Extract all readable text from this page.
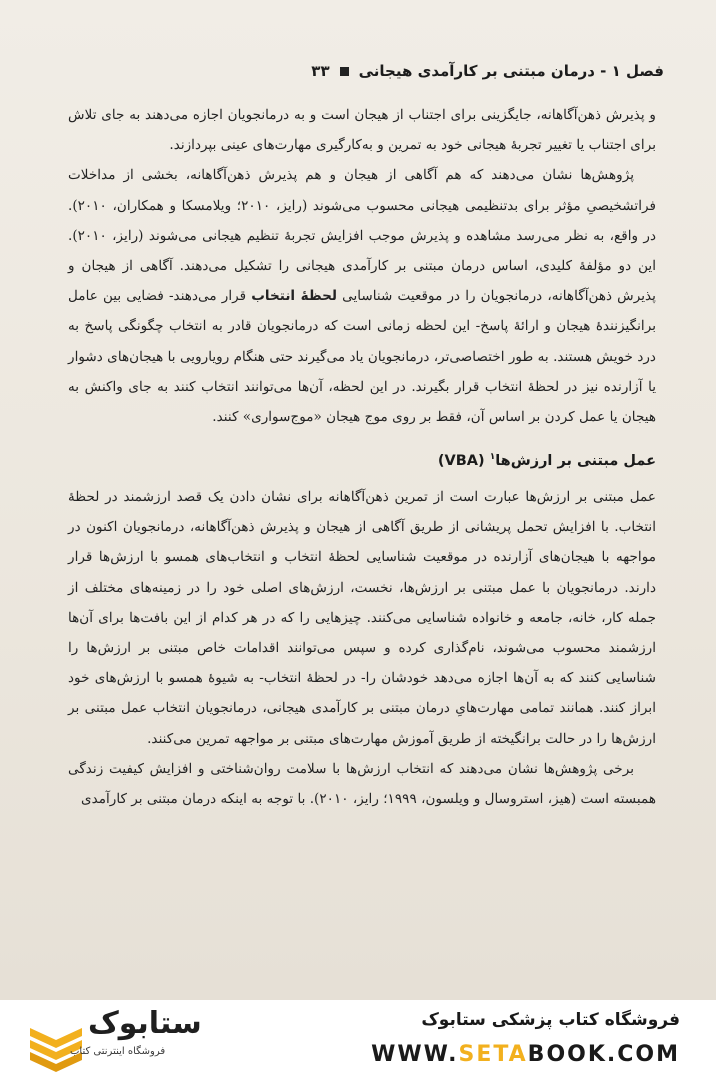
فصل ۱ - درمان مبتنی بر کارآمدی هیجانی
۳۳

و پذیرش ذهن‌آگاهانه، جایگزینی برای اجتناب از هیجان است و به درمانجویان اجازه می‌دهند به جای تلاش برای اجتناب یا تغییر تجربهٔ هیجانی خود به تمرین و به‌کارگیری مهارت‌های عینی بپردازند.

پژوهش‌ها نشان می‌دهند که هم آگاهی از هیجان و هم پذیرش ذهن‌آگاهانه، بخشی از مداخلات فراتشخیصیِ مؤثر برای بدتنظیمی هیجانی محسوب می‌شوند (رایز، ۲۰۱۰؛ ویلامسکا و همکاران، ۲۰۱۰). در واقع، به نظر می‌رسد مشاهده و پذیرش موجب افزایش تجربهٔ تنظیم هیجانی می‌شوند (رایز، ۲۰۱۰). این دو مؤلفهٔ کلیدی، اساس درمان مبتنی بر کارآمدی هیجانی را تشکیل می‌دهند. آگاهی از هیجان و پذیرش ذهن‌آگاهانه، درمانجویان را در موقعیت شناسایی لحظهٔ انتخاب قرار می‌دهند- فضایی بین عامل برانگیزنندهٔ هیجان و ارائهٔ پاسخ- این لحظه زمانی است که درمانجویان قادر به انتخاب چگونگی پاسخ به درد خویش هستند. به طور اختصاصی‌تر، درمانجویان یاد می‌گیرند حتی هنگام رویارویی با هیجان‌های دشوار یا آزارنده نیز در لحظهٔ انتخاب قرار بگیرند. در این لحظه، آن‌ها می‌توانند انتخاب کنند به جای واکنش به هیجان یا عمل کردن بر اساس آن، فقط بر روی موج هیجان «موج‌سواری» کنند.

عمل مبتنی بر ارزش‌ها$^۱$ (VBA)

عمل مبتنی بر ارزش‌ها عبارت است از تمرین ذهن‌آگاهانه برای نشان دادن یک قصد ارزشمند در لحظهٔ انتخاب. با افزایش تحمل پریشانی از طریق آگاهی از هیجان و پذیرش ذهن‌آگاهانه، درمانجویان اکنون در مواجهه با هیجان‌های آزارنده در موقعیت شناسایی لحظهٔ انتخاب و انتخاب‌های همسو با ارزش‌ها قرار دارند. درمانجویان با عمل مبتنی بر ارزش‌ها، نخست، ارزش‌های اصلی خود را در زمینه‌های مختلف از جمله کار، خانه، جامعه و خانواده شناسایی می‌کنند. چیزهایی را که در هر کدام از این بافت‌ها برای آن‌ها ارزشمند محسوب می‌شوند، نام‌گذاری کرده و سپس می‌توانند اقدامات خاص مبتنی بر ارزش‌ها را شناسایی کنند که به آن‌ها اجازه می‌دهد خودشان را- در لحظهٔ انتخاب- به شیوهٔ همسو با ارزش‌های خود ابراز کنند. همانند تمامی مهارت‌هایِ درمان مبتنی بر کارآمدی هیجانی، درمانجویان انتخاب عمل مبتنی بر ارزش‌ها را در حالت برانگیخته از طریق آموزش مهارت‌های مبتنی بر مواجهه تمرین می‌کنند.

برخی پژوهش‌ها نشان می‌دهند که انتخاب ارزش‌ها با سلامت روان‌شناختی و افزایش کیفیت زندگی همبسته است (هیز، استروسال و ویلسون، ۱۹۹۹؛ رایز، ۲۰۱۰). با توجه به اینکه درمان مبتنی بر کارآمدی

ستابوک
فروشگاه اینترنتی کتاب
فروشگاه کتاب پزشکی ستابوک
WWW.SETABOOK.COM
